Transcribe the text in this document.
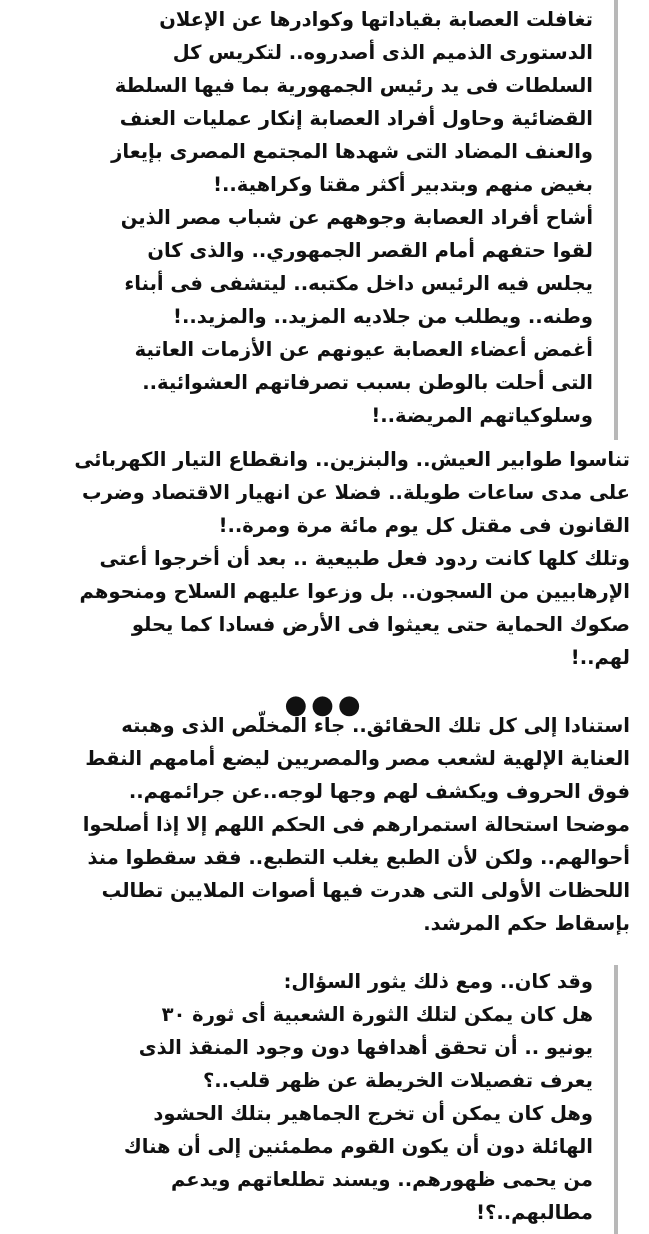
تغافلت العصابة بقياداتها وكوادرها عن الإعلان
الدستورى الذميم الذى أصدروه.. لتكريس كل
السلطات فى يد رئيس الجمهورية بما فيها السلطة
القضائية وحاول أفراد العصابة إنكار عمليات العنف
والعنف المضاد التى شهدها المجتمع المصرى بإيعاز
بغيض منهم وبتدبير أكثر مقتا وكراهية..!
أشاح أفراد العصابة وجوههم عن شباب مصر الذين
لقوا حتفهم أمام القصر الجمهوري.. والذى كان
يجلس فيه الرئيس داخل مكتبه.. ليتشفى فى أبناء
وطنه.. ويطلب من جلاديه المزيد.. والمزيد..!
أغمض أعضاء العصابة عيونهم عن الأزمات العاتية
التى أحلت بالوطن بسبب تصرفاتهم العشوائية..
وسلوكياتهم المريضة..!
تناسوا طوابير العيش.. والبنزين.. وانقطاع التيار الكهربائى
على مدى ساعات طويلة.. فضلا عن انهيار الاقتصاد وضرب
القانون فى مقتل كل يوم مائة مرة ومرة..!
وتلك كلها كانت ردود فعل طبيعية .. بعد أن أخرجوا أعتى
الإرهابيين من السجون.. بل وزعوا عليهم السلاح ومنحوهم
صكوك الحماية حتى يعيثوا فى الأرض فسادا كما يحلو
لهم..!
●●●
استنادا إلى كل تلك الحقائق.. جاء المخلّص الذى وهبته
العناية الإلهية لشعب مصر والمصريين ليضع أمامهم النقط
فوق الحروف ويكشف لهم وجها لوجه..عن جرائمهم..
موضحا استحالة استمرارهم فى الحكم اللهم إلا إذا أصلحوا
أحوالهم.. ولكن لأن الطبع يغلب التطبع.. فقد سقطوا منذ
اللحظات الأولى التى هدرت فيها أصوات الملايين تطالب
بإسقاط حكم المرشد.
وقد كان.. ومع ذلك يثور السؤال:
هل كان يمكن لتلك الثورة الشعبية أى ثورة ٣٠
يونيو .. أن تحقق أهدافها دون وجود المنقذ الذى
يعرف تفصيلات الخريطة عن ظهر قلب..؟
وهل كان يمكن أن تخرج الجماهير بتلك الحشود
الهائلة دون أن يكون القوم مطمئنين إلى أن هناك
من يحمى ظهورهم.. ويسند تطلعاتهم ويدعم
مطالبهم..؟!
